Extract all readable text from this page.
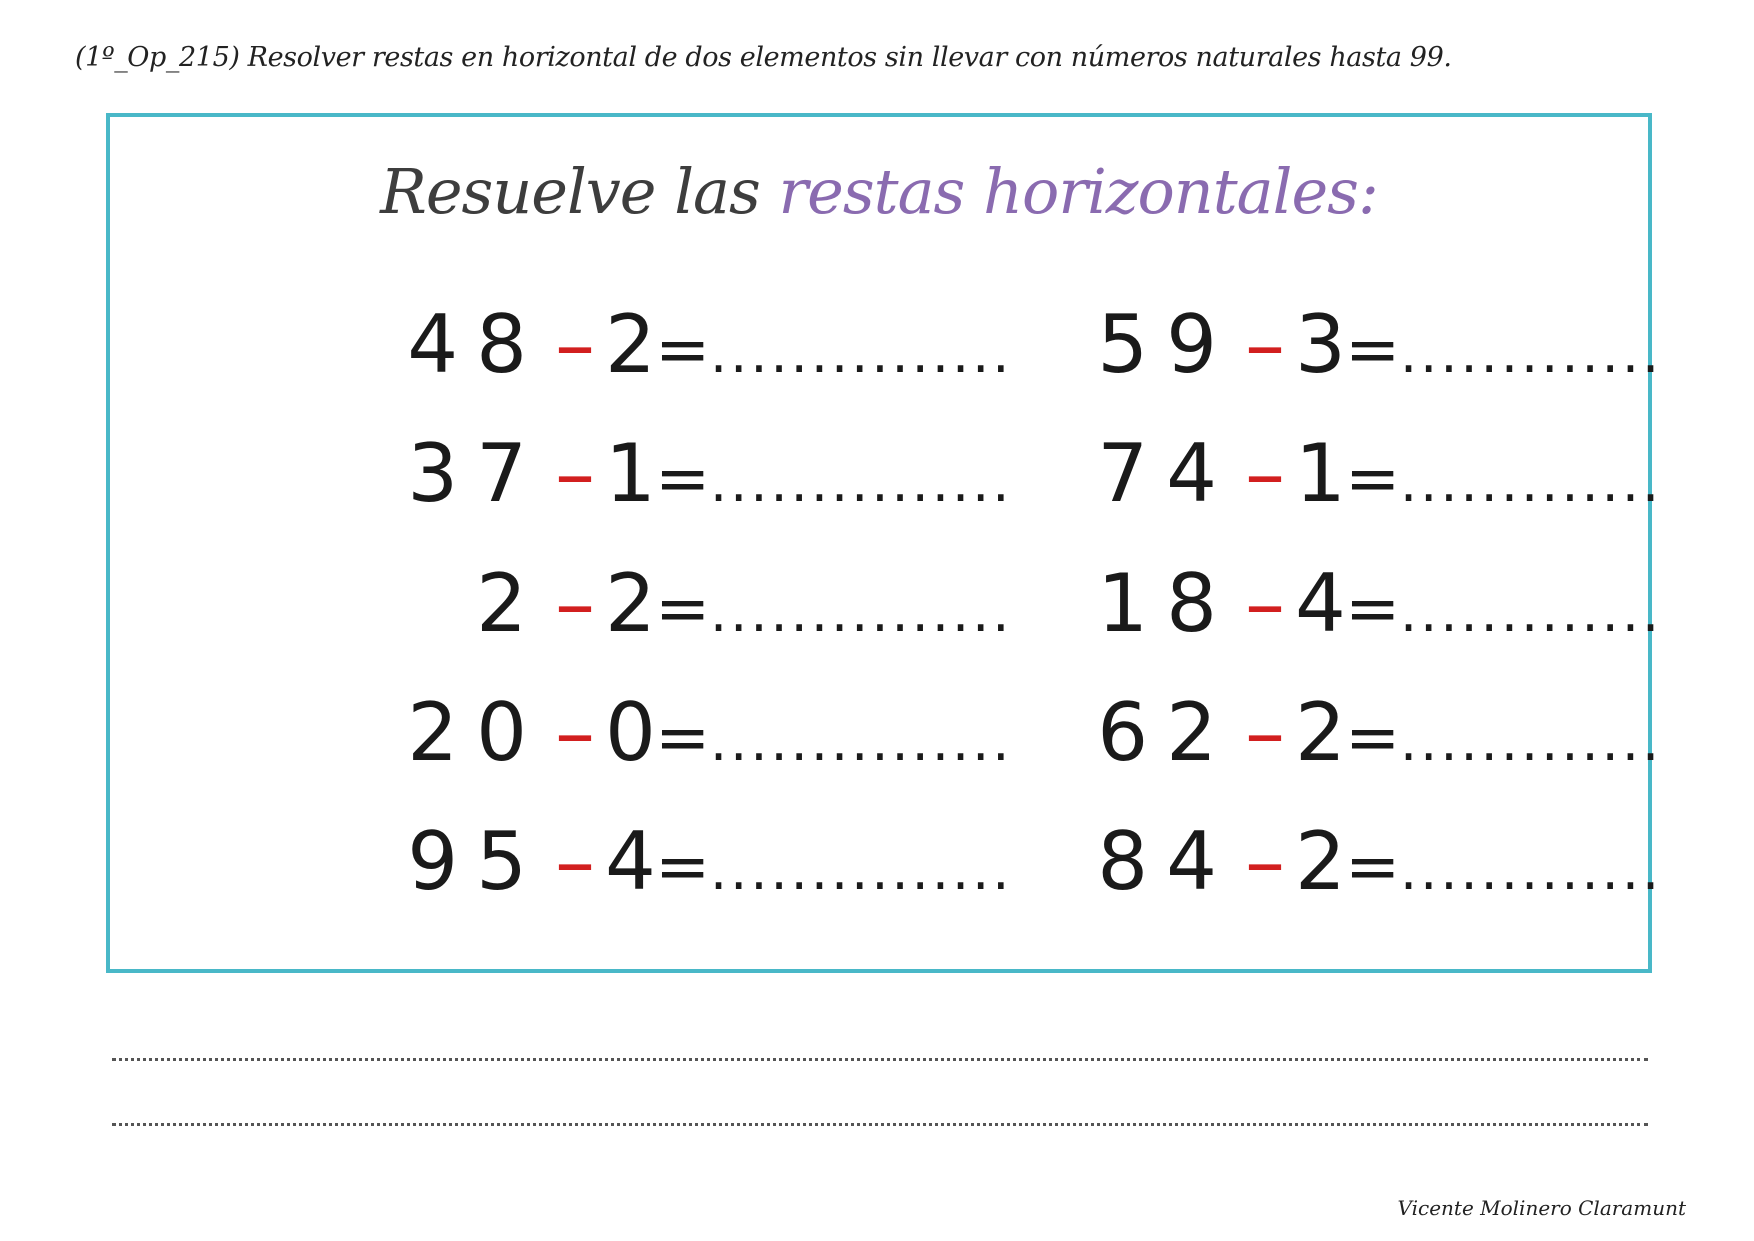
(1º_Op_215) Resolver restas en horizontal de dos elementos sin llevar con números naturales hasta 99.
Resuelve las restas horizontales:
48 – 2=...............
37 – 1=...............
2 – 2=...............
20 – 0=...............
95 – 4=...............
59 – 3=.............
74 – 1=.............
18 – 4=.............
62 – 2=.............
84 – 2=.............
Vicente Molinero Claramunt
